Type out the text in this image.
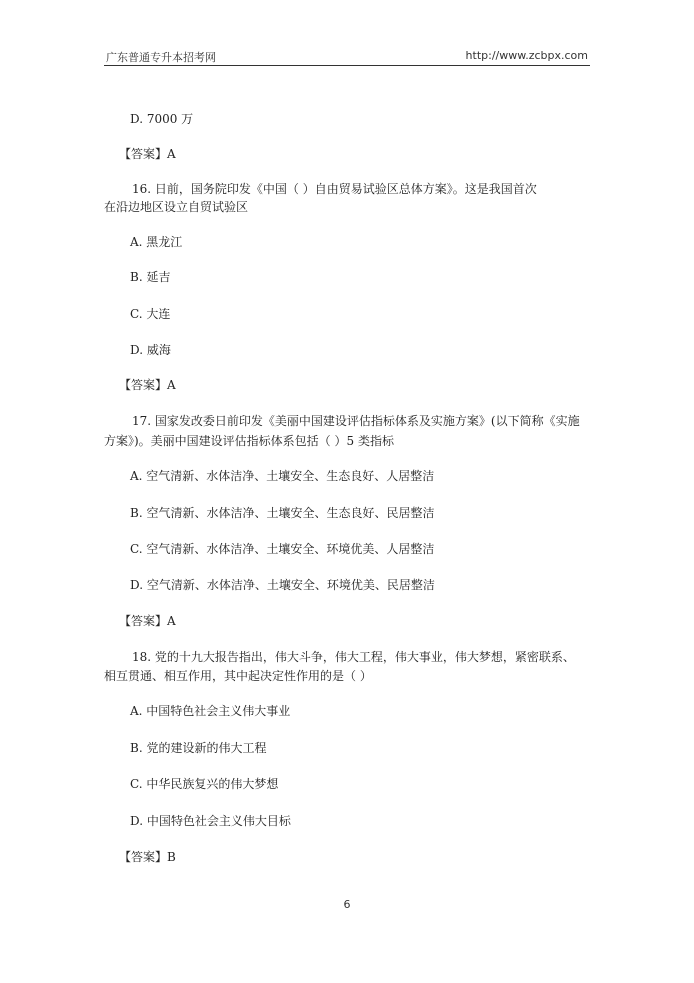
广东普通专升本招考网	http://www.zcbpx.com
D. 7000 万
【答案】A
16. 日前，国务院印发《中国（ ）自由贸易试验区总体方案》。这是我国首次
在沿边地区设立自贸试验区
A. 黑龙江
B. 延吉
C. 大连
D. 威海
【答案】A
17. 国家发改委日前印发《美丽中国建设评估指标体系及实施方案》(以下简称《实施
方案》)。美丽中国建设评估指标体系包括（ ）5 类指标
A. 空气清新、水体洁净、土壤安全、生态良好、人居整洁
B. 空气清新、水体洁净、土壤安全、生态良好、民居整洁
C. 空气清新、水体洁净、土壤安全、环境优美、人居整洁
D. 空气清新、水体洁净、土壤安全、环境优美、民居整洁
【答案】A
18. 党的十九大报告指出，伟大斗争，伟大工程，伟大事业，伟大梦想，紧密联系、
相互贯通、相互作用，其中起决定性作用的是（ ）
A. 中国特色社会主义伟大事业
B. 党的建设新的伟大工程
C. 中华民族复兴的伟大梦想
D. 中国特色社会主义伟大目标
【答案】B
6
